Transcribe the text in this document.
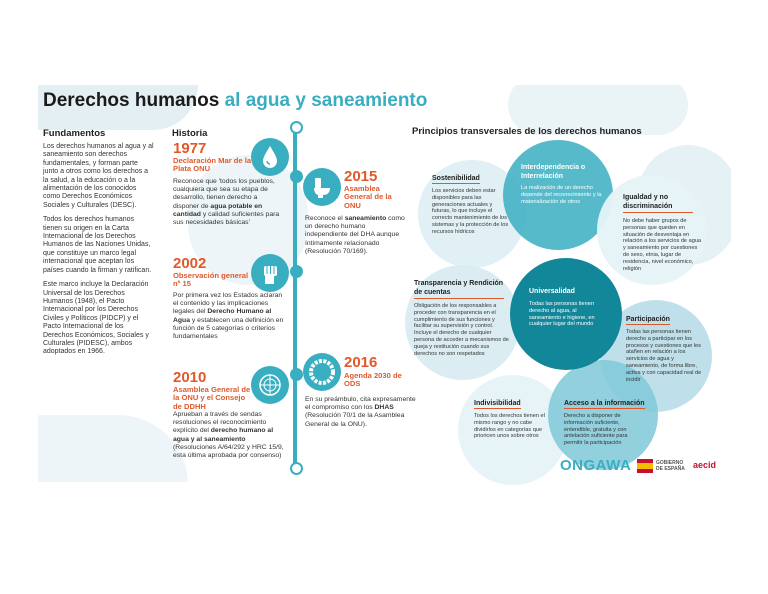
Derechos humanos al agua y saneamiento
Fundamentos

Los derechos humanos al agua y al saneamiento son derechos fundamentales, y forman parte junto a otros como los derechos a la salud, a la educación o a la alimentación de los conocidos como Derechos Económicos Sociales y Culturales (DESC).

Todos los derechos humanos tienen su origen en la Carta Internacional de los Derechos Humanos de las Naciones Unidas, que constituye un marco legal internacional que aceptan los países cuando la firman y ratifican.

Este marco incluye la Declaración Universal de los Derechos Humanos (1948), el Pacto Internacional por los Derechos Civiles y Políticos (PIDCP) y el Pacto Internacional de los Derechos Económicos, Sociales y Culturales (PIDESC), ambos adoptados en 1966.

Historia
1977
Declaración Mar de la Plata ONU
Reconoce que 'todos los pueblos, cualquiera que sea su etapa de desarrollo, tienen derecho a disponer de agua potable en cantidad y calidad suficientes para sus necesidades básicas'
2002
Observación general nº 15
Por primera vez los Estados aclaran el contenido y las implicaciones legales del Derecho Humano al Agua y establecen una definición en función de 5 categorías o criterios fundamentales
2010
Asamblea General de la ONU y el Consejo de DDHH
Aprueban a través de sendas resoluciones el reconocimiento explícito del derecho humano al agua y al saneamiento (Resoluciones A/64/292 y HRC 15/9, esta última aprobada por consenso)
2015
Asamblea General de la ONU
Reconoce el saneamiento como un derecho humano independiente del DHA aunque íntimamente relacionado (Resolución 70/169).
2016
Agenda 2030 de ODS
En su preámbulo, cita expresamente el compromiso con los DHAS (Resolución 70/1 de la Asamblea General de la ONU).
Principios transversales de los derechos humanos
Sostenibilidad
Los servicios deben estar disponibles para las generaciones actuales y futuras, lo que incluye el correcto mantenimiento de los sistemas y la protección de los recursos hídricos
Interdependencia o Interrelación
La realización de un derecho depende del reconocimiento y la materialización de otros
Igualdad y no discriminación
No debe haber grupos de personas que queden en situación de desventaja en relación a los servicios de agua y saneamiento por cuestiones de sexo, etnia, lugar de residencia, nivel económico, religión
Transparencia y Rendición de cuentas
Obligación de los responsables a proceder con transparencia en el cumplimiento de sus funciones y facilitar su supervisión y control. Incluye el derecho de cualquier persona de acceder a mecanismos de queja y restitución cuando sus derechos no son respetados
Universalidad
Todas las personas tienen derecho al agua, al saneamiento e higiene, en cualquier lugar del mundo
Participación
Todas las personas tienen derecho a participar en los procesos y cuestiones que les atañen en relación a los servicios de agua y saneamiento, de forma libre, activa y con capacidad real de incidir
Indivisibilidad
Todos los derechos tienen el mismo rango y no cabe dividirlos en categorías que prioricen unos sobre otros
Acceso a la información
Derecho a disponer de información suficiente, entendible, gratuita y con antelación suficiente para permitir la participación
ONGAWA	GOBIERNO DE ESPAÑA aecid
